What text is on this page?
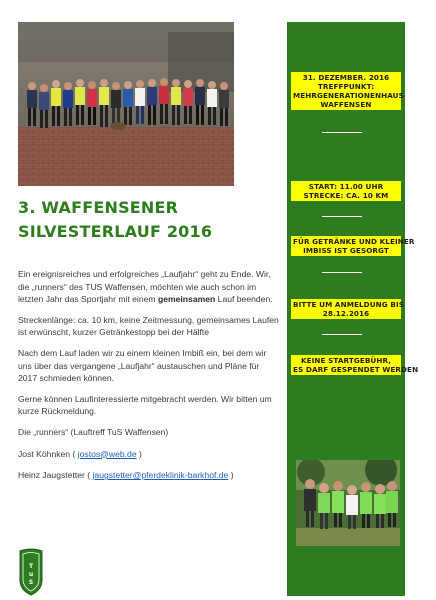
3. WAFFENSENER
SILVESTERLAUF 2016

Ein ereignisreiches und erfolgreiches „Laufjahr“ geht zu Ende. Wir, die „runners“ des TUS Waffensen, möchten wie auch schon im letzten Jahr das Sportjahr mit einem gemeinsamen Lauf beenden.

Streckenlänge: ca. 10 km, keine Zeitmessung, gemeinsames Laufen ist erwünscht, kurzer Getränkestopp bei der Hälfte

Nach dem Lauf laden wir zu einem kleinen Imbiß ein, bei dem wir uns über das vergangene „Laufjahr“ austauschen und Pläne für 2017 schmieden können.

Gerne können Laufinteressierte mitgebracht werden. Wir bitten um kurze Rückmeldung.

Die „runners“ (Lauftreff TuS Waffensen)

Jost Köhnken ( jostos@web.de )

Heinz Jaugstetter ( jaugstetter@pferdeklinik-barkhof.de )

31. DEZEMBER. 2016
TREFFPUNKT:
MEHRGENERATIONENHAUS
WAFFENSEN
START: 11.00 UHR
STRECKE: CA. 10 KM
FÜR GETRÄNKE UND KLEINER
IMBISS IST GESORGT
BITTE UM ANMELDUNG BIS
28.12.2016
KEINE STARTGEBÜHR,
ES DARF GESPENDET WERDEN
T
u
S
